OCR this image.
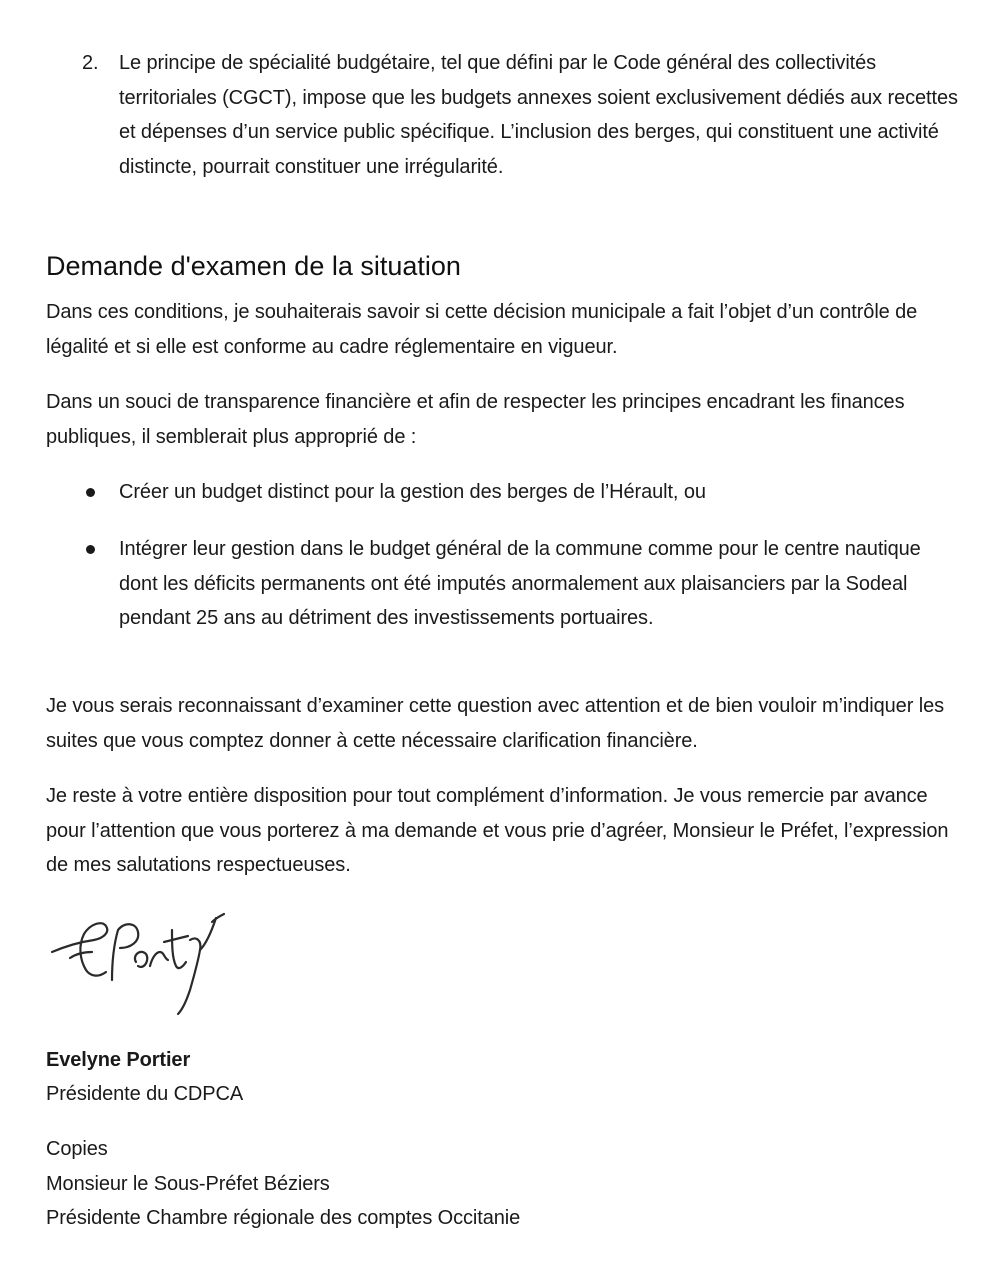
2. Le principe de spécialité budgétaire, tel que défini par le Code général des collectivités territoriales (CGCT), impose que les budgets annexes soient exclusivement dédiés aux recettes et dépenses d’un service public spécifique. L’inclusion des berges, qui constituent une activité distincte, pourrait constituer une irrégularité.
Demande d'examen de la situation

Dans ces conditions, je souhaiterais savoir si cette décision municipale a fait l’objet d’un contrôle de légalité et si elle est conforme au cadre réglementaire en vigueur.

Dans un souci de transparence financière et afin de respecter les principes encadrant les finances publiques, il semblerait plus approprié de :

Créer un budget distinct pour la gestion des berges de l’Hérault, ou
Intégrer leur gestion dans le budget général de la commune comme pour le centre nautique dont les déficits permanents ont été imputés anormalement aux plaisanciers par la Sodeal pendant 25 ans au détriment des investissements portuaires.

Je vous serais reconnaissant d’examiner cette question avec attention et de bien vouloir m’indiquer les suites que vous comptez donner à cette nécessaire clarification financière.

Je reste à votre entière disposition pour tout complément d’information. Je vous remercie par avance pour l’attention que vous porterez à ma demande et vous prie d’agréer, Monsieur le Préfet, l’expression de mes salutations respectueuses.

Evelyne Portier

Présidente du CDPCA

Copies
Monsieur le Sous-Préfet Béziers
Présidente Chambre régionale des comptes Occitanie
